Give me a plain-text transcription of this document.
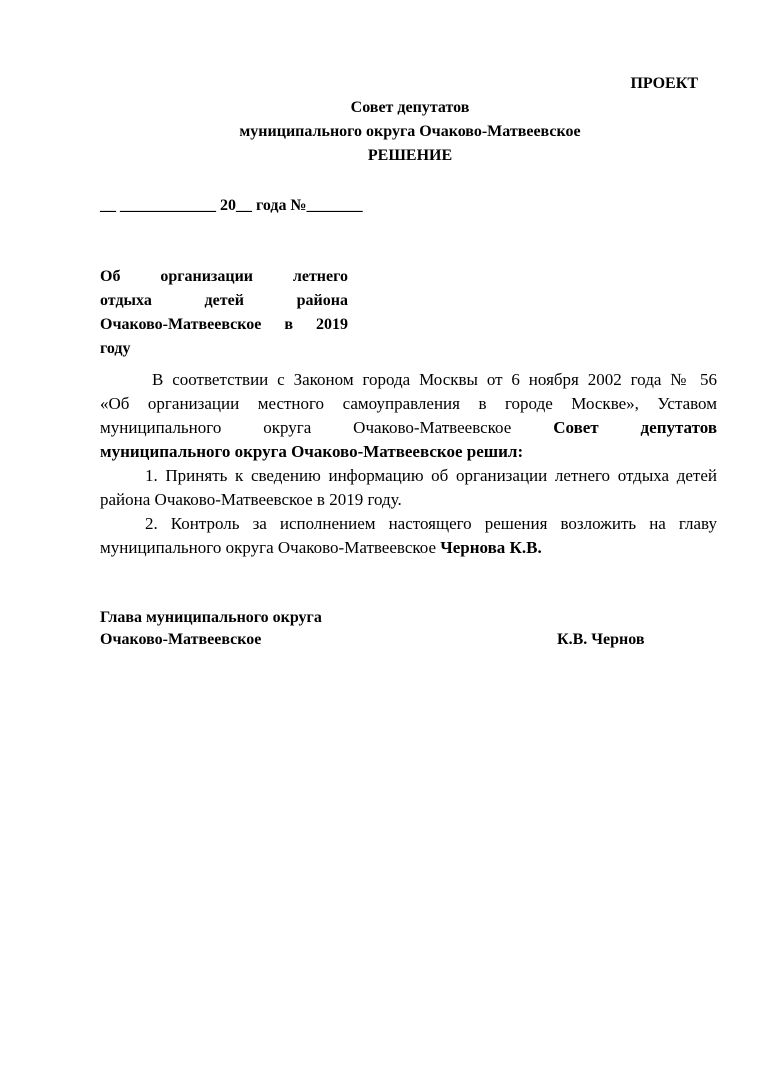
ПРОЕКТ
Совет депутатов
муниципального округа Очаково-Матвеевское
РЕШЕНИЕ
__ ____________ 20__ года №_______

Об организации летнего

отдыха детей района

Очаково-Матвеевское в 2019

году

В соответствии с Законом города Москвы от 6 ноября 2002 года № 56

«Об организации местного самоуправления в городе Москве», Уставом

муниципального округа Очаково-Матвеевское Совет депутатов

муниципального округа Очаково-Матвеевское решил:

1. Принять к сведению информацию об организации летнего отдыха детей

района Очаково-Матвеевское в 2019 году.

2. Контроль за исполнением настоящего решения возложить на главу

муниципального округа Очаково-Матвеевское Чернова К.В.

Глава муниципального округа
Очаково-Матвеевское	К.В. Чернов
